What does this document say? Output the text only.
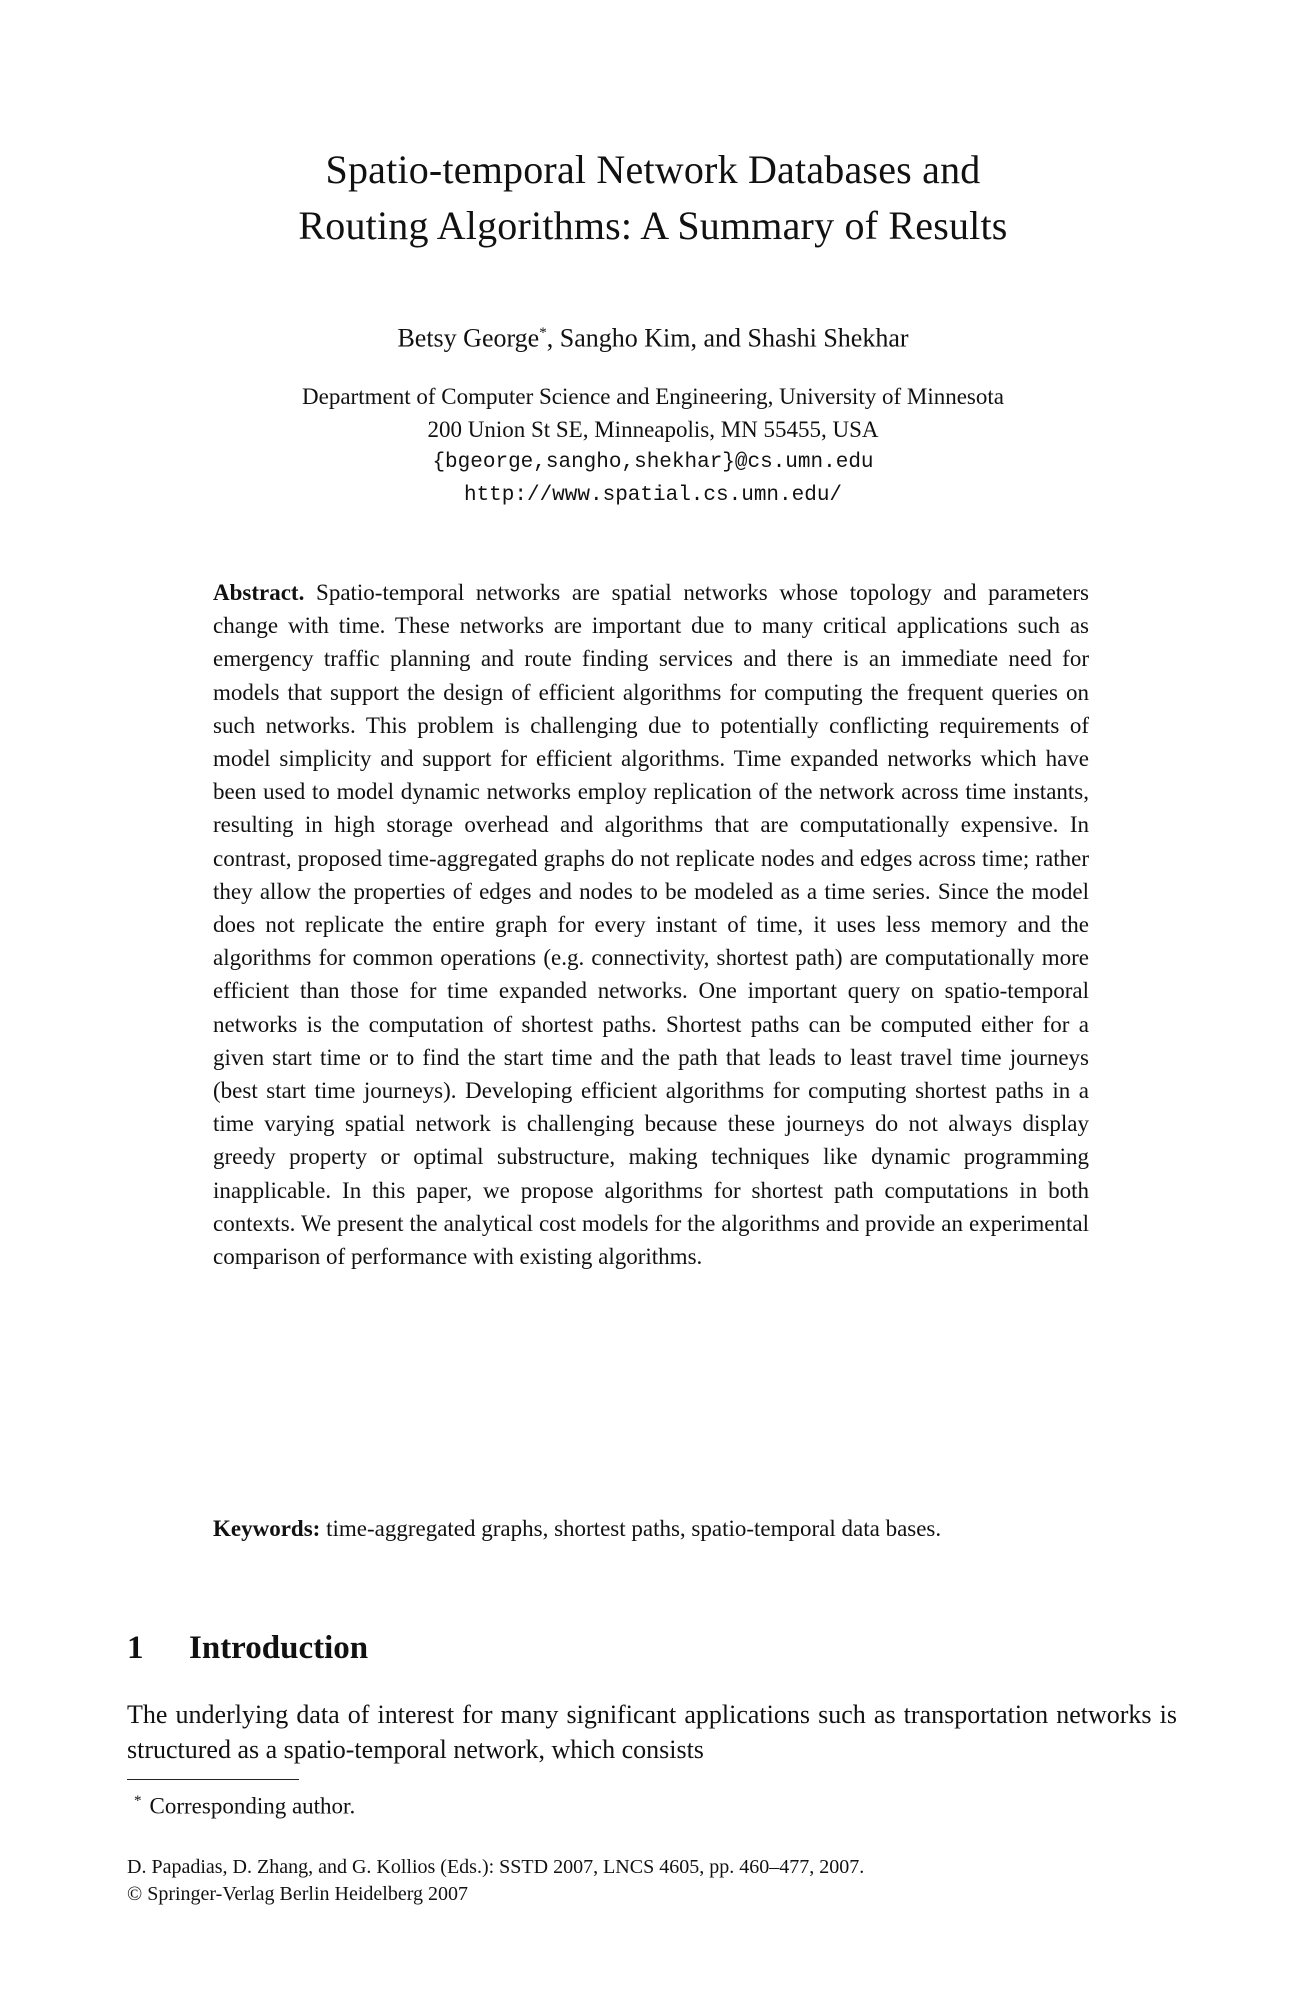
Spatio-temporal Network Databases and
Routing Algorithms: A Summary of Results
Betsy George*, Sangho Kim, and Shashi Shekhar
Department of Computer Science and Engineering, University of Minnesota
200 Union St SE, Minneapolis, MN 55455, USA
{bgeorge,sangho,shekhar}@cs.umn.edu
http://www.spatial.cs.umn.edu/

Abstract. Spatio-temporal networks are spatial networks whose topology and parameters change with time. These networks are important due to many critical applications such as emergency traffic planning and route finding services and there is an immediate need for models that support the design of efficient algorithms for computing the frequent queries on such networks. This problem is challenging due to potentially conflicting requirements of model simplicity and support for efficient algorithms. Time expanded networks which have been used to model dynamic networks employ replication of the network across time instants, resulting in high storage overhead and algorithms that are computationally expensive. In contrast, proposed time-aggregated graphs do not replicate nodes and edges across time; rather they allow the properties of edges and nodes to be modeled as a time series. Since the model does not replicate the entire graph for every instant of time, it uses less memory and the algorithms for common operations (e.g. connectivity, shortest path) are computationally more efficient than those for time expanded networks. One important query on spatio-temporal networks is the computation of shortest paths. Shortest paths can be computed either for a given start time or to find the start time and the path that leads to least travel time journeys (best start time journeys). Developing efficient algorithms for computing shortest paths in a time varying spatial network is challenging because these journeys do not always display greedy property or optimal substructure, making techniques like dynamic programming inapplicable. In this paper, we propose algorithms for shortest path computations in both contexts. We present the analytical cost models for the algorithms and provide an experimental comparison of performance with existing algorithms.

Keywords: time-aggregated graphs, shortest paths, spatio-temporal data bases.

1 Introduction

The underlying data of interest for many significant applications such as transportation networks is structured as a spatio-temporal network, which consists

* Corresponding author.
D. Papadias, D. Zhang, and G. Kollios (Eds.): SSTD 2007, LNCS 4605, pp. 460–477, 2007.
© Springer-Verlag Berlin Heidelberg 2007
